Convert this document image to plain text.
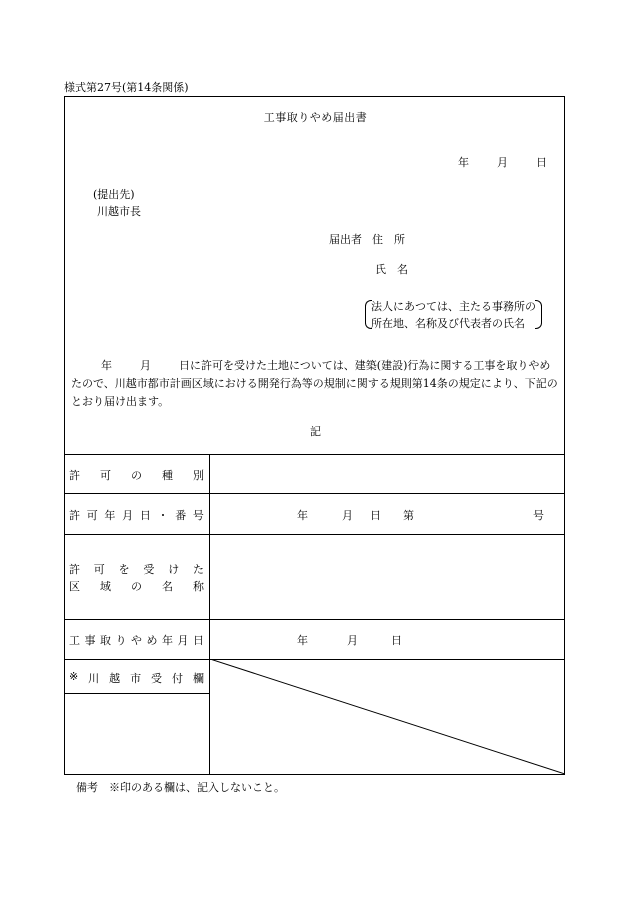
様式第27号(第14条関係)
工事取りやめ届出書
年	月	日
(提出先)
川越市長
届出者 住　所
氏　名
法人にあつては、主たる事務所の
所在地、名称及び代表者の氏名
年	月	日に許可を受けた土地については、建築(建設)行為に関する工事を取りやめたので、川越市都市計画区域における開発行為等の規制に関する規則第14条の規定により、下記のとおり届け出ます。
記
許 可 の 種 別
許 可 年 月 日 ・ 番 号	年	月 日 第	号
許 可 を 受 け た
区 域 の 名 称
工 事 取 り や め 年 月 日	年	月	日
※ 川 越 市 受 付 欄
備考　※印のある欄は、記入しないこと。
